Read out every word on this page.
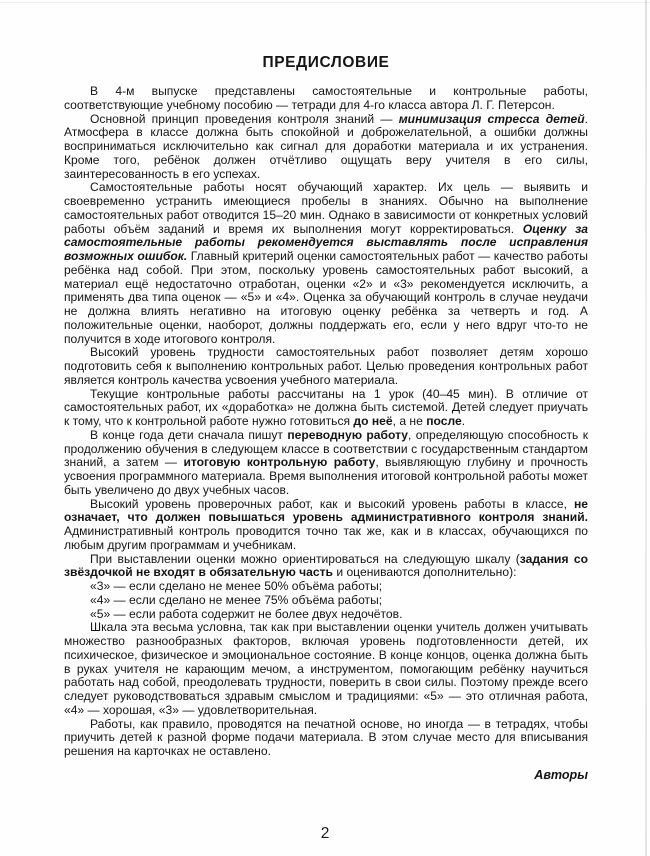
ПРЕДИСЛОВИЕ

В 4-м выпуске представлены самостоятельные и контрольные работы, соответствующие учебному пособию — тетради для 4-го класса автора Л. Г. Петерсон.

Основной принцип проведения контроля знаний — минимизация стресса детей. Атмосфера в классе должна быть спокойной и доброжелательной, а ошибки должны восприниматься исключительно как сигнал для доработки материала и их устранения. Кроме того, ребёнок должен отчётливо ощущать веру учителя в его силы, заинтересованность в его успехах.

Самостоятельные работы носят обучающий характер. Их цель — выявить и своевременно устранить имеющиеся пробелы в знаниях. Обычно на выполнение самостоятельных работ отводится 15–20 мин. Однако в зависимости от конкретных условий работы объём заданий и время их выполнения могут корректироваться. Оценку за самостоятельные работы рекомендуется выставлять после исправления возможных ошибок. Главный критерий оценки самостоятельных работ — качество работы ребёнка над собой. При этом, поскольку уровень самостоятельных работ высокий, а материал ещё недостаточно отработан, оценки «2» и «3» рекомендуется исключить, а применять два типа оценок — «5» и «4». Оценка за обучающий контроль в случае неудачи не должна влиять негативно на итоговую оценку ребёнка за четверть и год. А положительные оценки, наоборот, должны поддержать его, если у него вдруг что-то не получится в ходе итогового контроля.

Высокий уровень трудности самостоятельных работ позволяет детям хорошо подготовить себя к выполнению контрольных работ. Целью проведения контрольных работ является контроль качества усвоения учебного материала.

Текущие контрольные работы рассчитаны на 1 урок (40–45 мин). В отличие от самостоятельных работ, их «доработка» не должна быть системой. Детей следует приучать к тому, что к контрольной работе нужно готовиться до неё, а не после.

В конце года дети сначала пишут переводную работу, определяющую способность к продолжению обучения в следующем классе в соответствии с государственным стандартом знаний, а затем — итоговую контрольную работу, выявляющую глубину и прочность усвоения программного материала. Время выполнения итоговой контрольной работы может быть увеличено до двух учебных часов.

Высокий уровень проверочных работ, как и высокий уровень работы в классе, не означает, что должен повышаться уровень административного контроля знаний. Административный контроль проводится точно так же, как и в классах, обучающихся по любым другим программам и учебникам.

При выставлении оценки можно ориентироваться на следующую шкалу (задания со звёздочкой не входят в обязательную часть и оцениваются дополнительно):

«3» — если сделано не менее 50% объёма работы;

«4» — если сделано не менее 75% объёма работы;

«5» — если работа содержит не более двух недочётов.

Шкала эта весьма условна, так как при выставлении оценки учитель должен учитывать множество разнообразных факторов, включая уровень подготовленности детей, их психическое, физическое и эмоциональное состояние. В конце концов, оценка должна быть в руках учителя не карающим мечом, а инструментом, помогающим ребёнку научиться работать над собой, преодолевать трудности, поверить в свои силы. Поэтому прежде всего следует руководствоваться здравым смыслом и традициями: «5» — это отличная работа, «4» — хорошая, «3» — удовлетворительная.

Работы, как правило, проводятся на печатной основе, но иногда — в тетрадях, чтобы приучить детей к разной форме подачи материала. В этом случае место для вписывания решения на карточках не оставлено.

Авторы
2
